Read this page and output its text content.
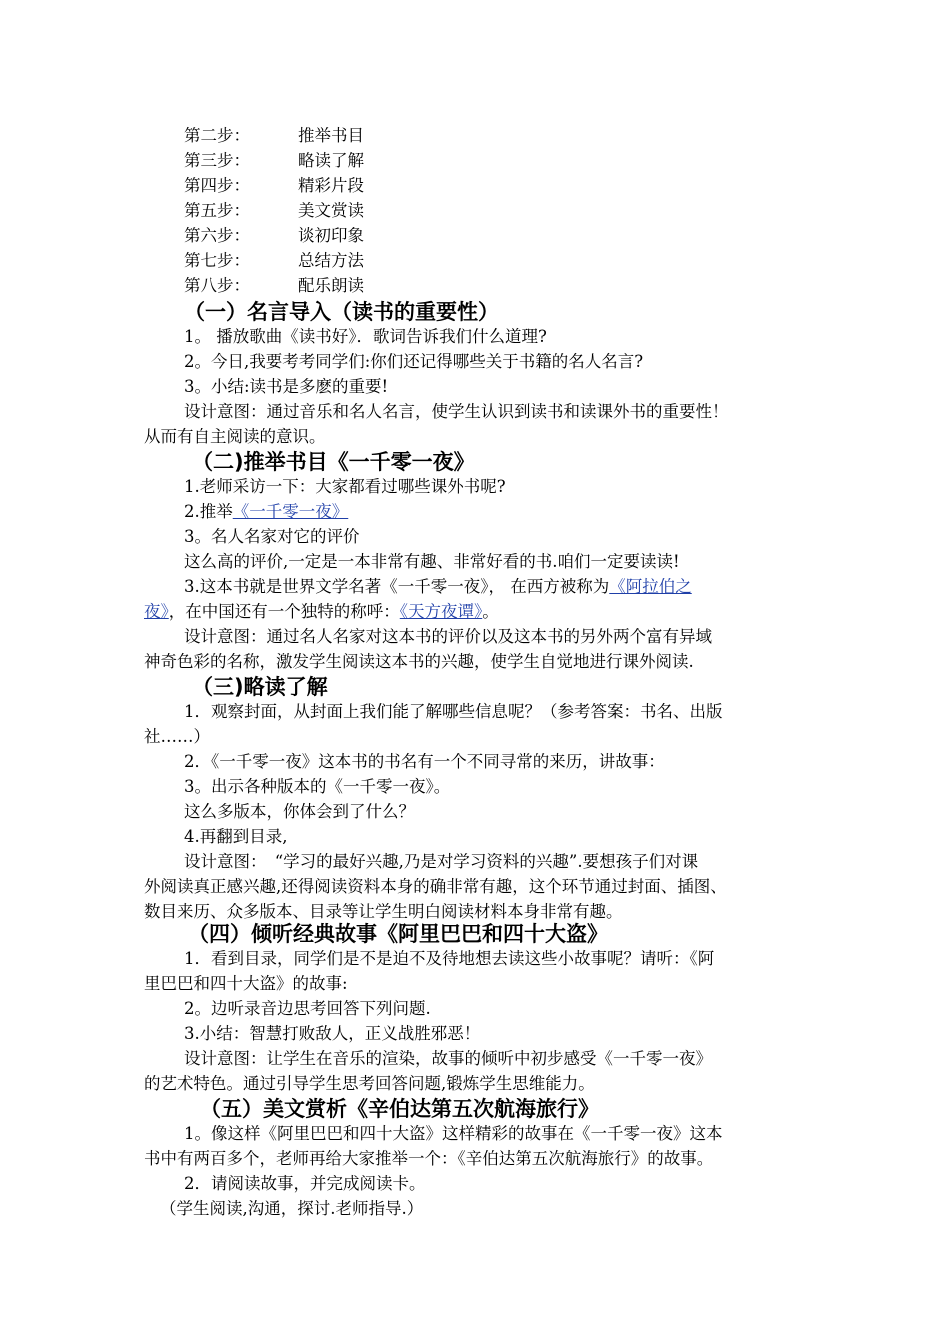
第二步：	推举书目
第三步：	略读了解
第四步：	精彩片段
第五步：	美文赏读
第六步：	谈初印象
第七步：	总结方法
第八步：	配乐朗读
（一）名言导入（读书的重要性）
1。 播放歌曲《读书好》．歌词告诉我们什么道理?
2。今日,我要考考同学们:你们还记得哪些关于书籍的名人名言?
3。小结:读书是多麽的重要!
设计意图：通过音乐和名人名言，使学生认识到读书和读课外书的重要性！
从而有自主阅读的意识。
（二)推举书目《一千零一夜》
1.老师采访一下：大家都看过哪些课外书呢?
2.推举《一千零一夜》
3。名人名家对它的评价
这么高的评价,一定是一本非常有趣、非常好看的书.咱们一定要读读!
3.这本书就是世界文学名著《一千零一夜》， 在西方被称为《阿拉伯之
夜》，在中国还有一个独特的称呼：《天方夜谭》。
设计意图：通过名人名家对这本书的评价以及这本书的另外两个富有异域
神奇色彩的名称，激发学生阅读这本书的兴趣，使学生自觉地进行课外阅读.
（三)略读了解
1．观察封面，从封面上我们能了解哪些信息呢？（参考答案：书名、出版
社……）
2．《一千零一夜》这本书的书名有一个不同寻常的来历，讲故事：
3。出示各种版本的《一千零一夜》。
这么多版本，你体会到了什么？
4.再翻到目录,
设计意图：　“学习的最好兴趣,乃是对学习资料的兴趣”.要想孩子们对课
外阅读真正感兴趣,还得阅读资料本身的确非常有趣，这个环节通过封面、插图、
数目来历、众多版本、目录等让学生明白阅读材料本身非常有趣。
（四）倾听经典故事《阿里巴巴和四十大盗》
1．看到目录，同学们是不是迫不及待地想去读这些小故事呢？请听：《阿
里巴巴和四十大盗》的故事:
2。边听录音边思考回答下列问题.
3.小结：智慧打败敌人，正义战胜邪恶！
设计意图：让学生在音乐的渲染，故事的倾听中初步感受《一千零一夜》
的艺术特色。通过引导学生思考回答问题,锻炼学生思维能力。
（五）美文赏析《辛伯达第五次航海旅行》
1。像这样《阿里巴巴和四十大盗》这样精彩的故事在《一千零一夜》这本
书中有两百多个，老师再给大家推举一个：《辛伯达第五次航海旅行》的故事。
2．请阅读故事，并完成阅读卡。
（学生阅读,沟通，探讨.老师指导.）
